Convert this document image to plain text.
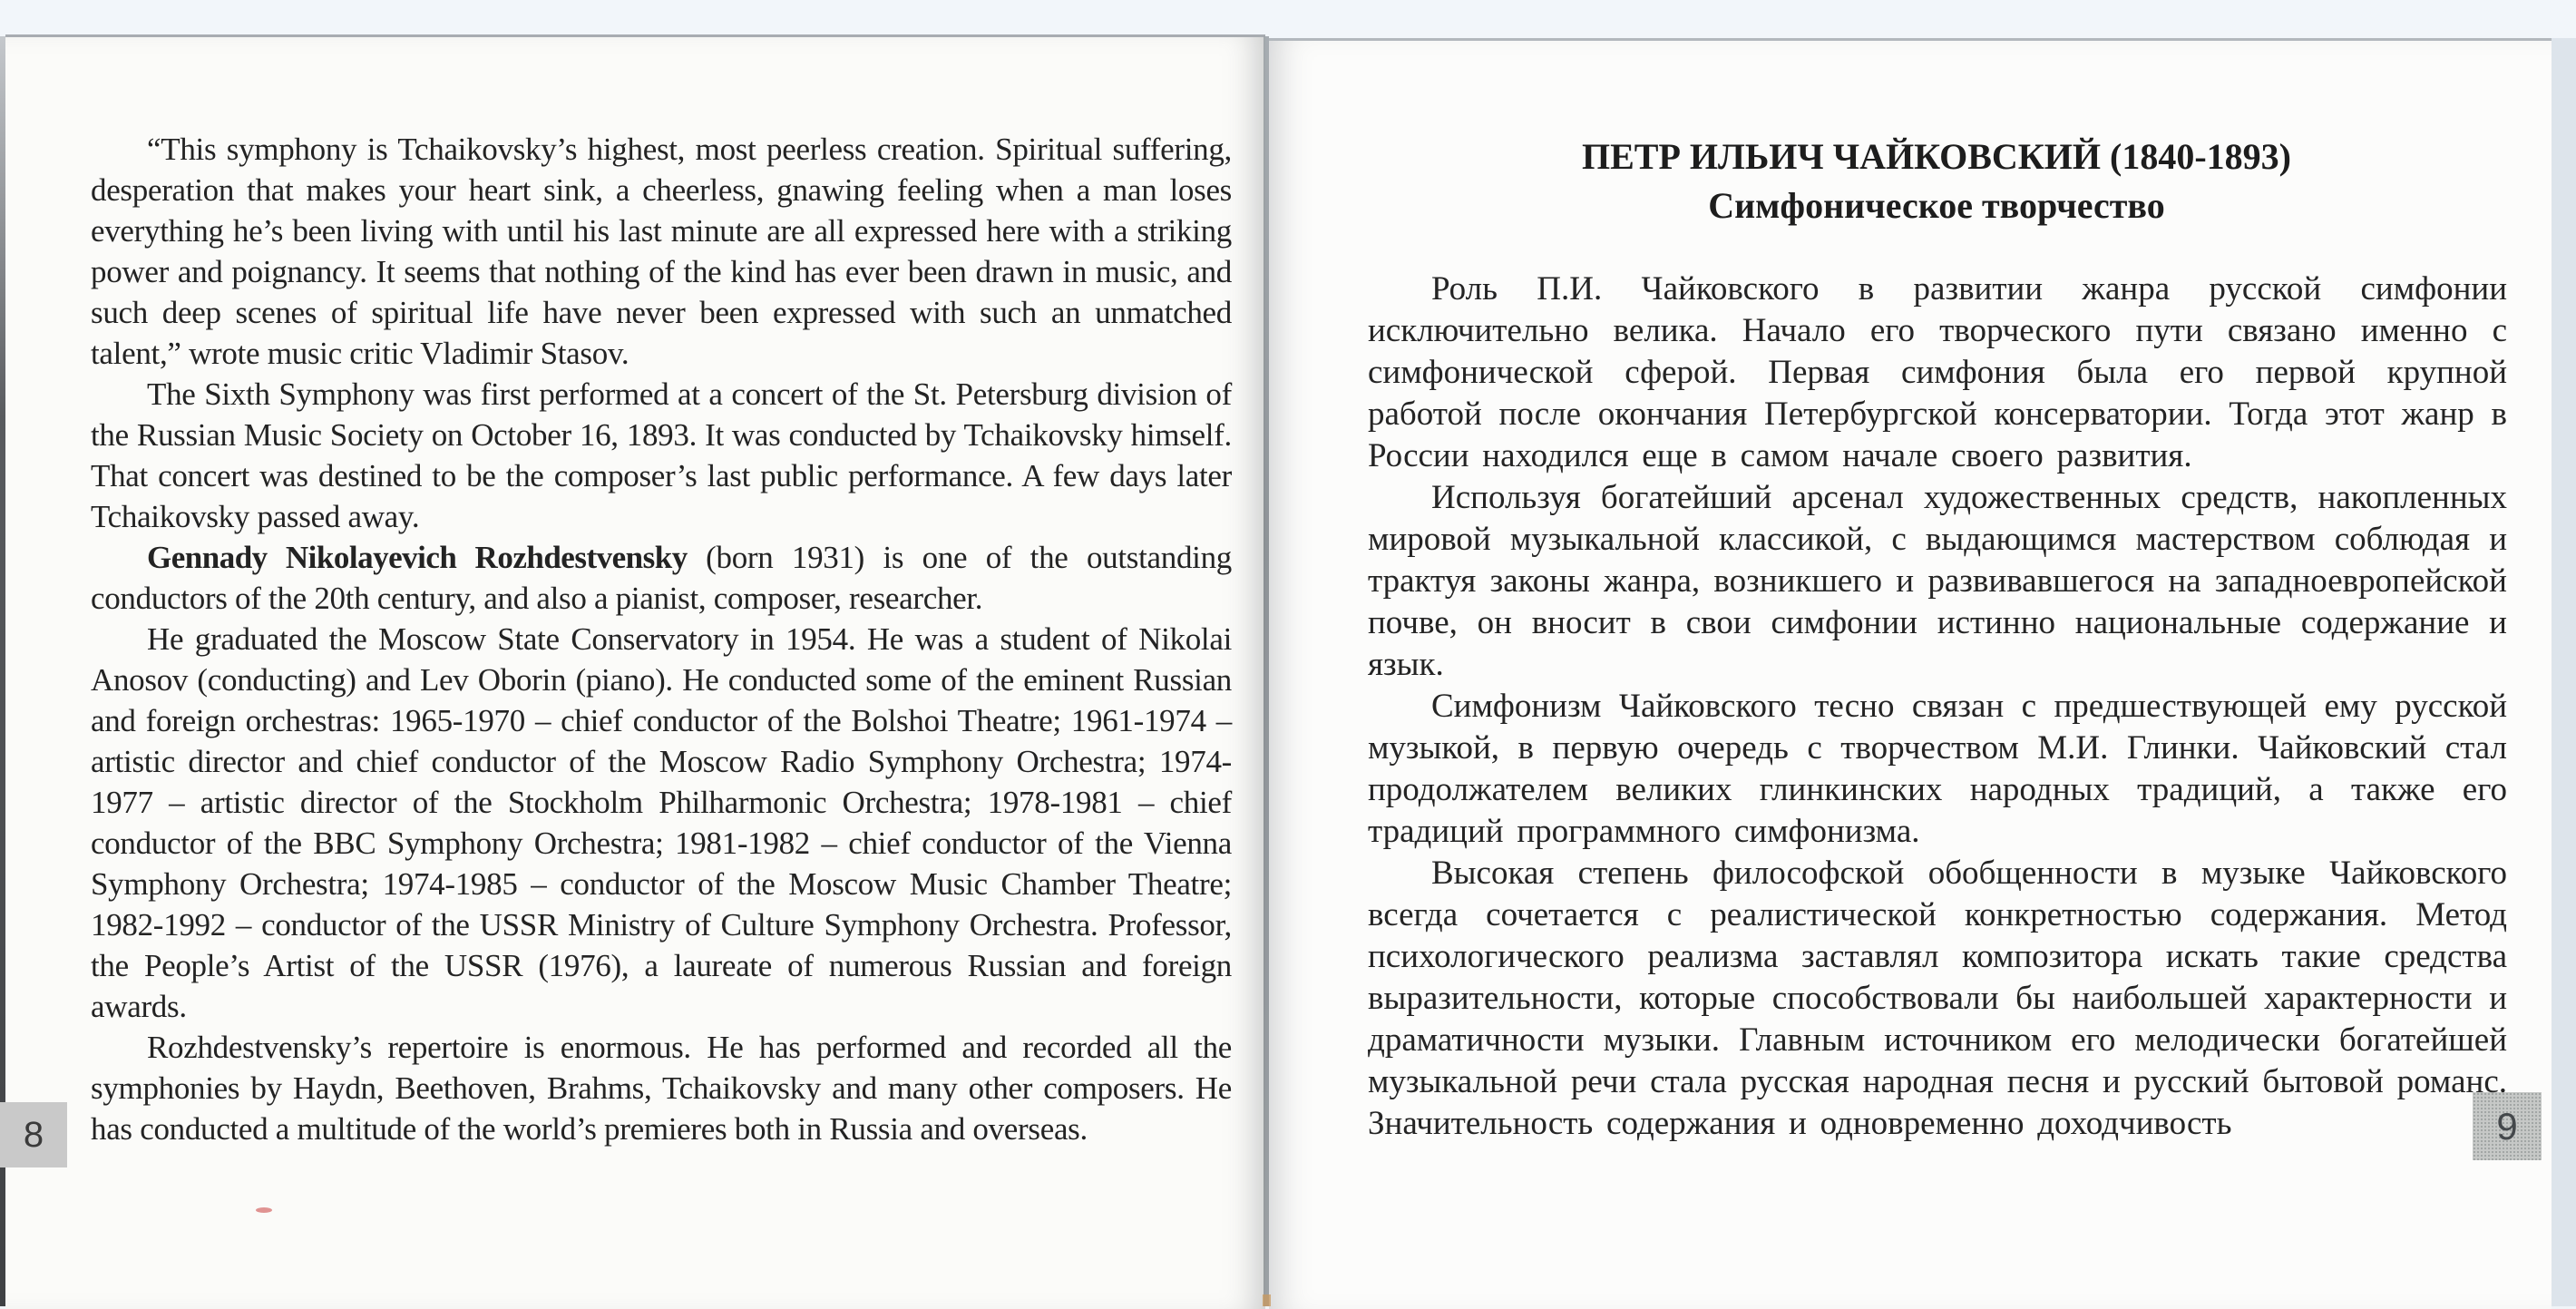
8	9

“This symphony is Tchaikovsky’s highest, most peerless creation. Spiritual suffering, desperation that makes your heart sink, a cheerless, gnawing feeling when a man loses everything he’s been living with until his last minute are all expressed here with a striking power and poignancy. It seems that nothing of the kind has ever been drawn in music, and such deep scenes of spiritual life have never been expressed with such an unmatched talent,” wrote music critic Vladimir Stasov.

The Sixth Symphony was first performed at a concert of the St. Petersburg division of the Russian Music Society on October 16, 1893. It was conducted by Tchaikovsky himself. That concert was destined to be the composer’s last public performance. A few days later Tchaikovsky passed away.

Gennady Nikolayevich Rozhdestvensky (born 1931) is one of the outstanding conductors of the 20th century, and also a pianist, composer, researcher.

He graduated the Moscow State Conservatory in 1954. He was a student of Nikolai Anosov (conducting) and Lev Oborin (piano). He conducted some of the eminent Russian and foreign orchestras: 1965-1970 – chief conductor of the Bolshoi Theatre; 1961-1974 – artistic director and chief conductor of the Moscow Radio Symphony Orchestra; 1974-1977 – artistic director of the Stockholm Philharmonic Orchestra; 1978-1981 – chief conductor of the BBC Symphony Orchestra; 1981-1982 – chief conductor of the Vienna Symphony Orchestra; 1974-1985 – conductor of the Moscow Music Chamber Theatre; 1982-1992 – conductor of the USSR Ministry of Culture Symphony Orchestra. Professor, the People’s Artist of the USSR (1976), a laureate of numerous Russian and foreign awards.

Rozhdestvensky’s repertoire is enormous. He has performed and recorded all the symphonies by Haydn, Beethoven, Brahms, Tchaikovsky and many other composers. He has conducted a multitude of the world’s premieres both in Russia and overseas.

ПЕТР ИЛЬИЧ ЧАЙКОВСКИЙ (1840-1893)
Симфоническое творчество

Роль П.И. Чайковского в развитии жанра русской симфонии исключительно велика. Начало его творческого пути связано именно с симфонической сферой. Первая симфония была его первой крупной работой после окончания Петербургской консерватории. Тогда этот жанр в России находился еще в самом начале своего развития.

Используя богатейший арсенал художественных средств, накопленных мировой музыкальной классикой, с выдающимся мастерством соблюдая и трактуя законы жанра, возникшего и развивавшегося на западноевропейской почве, он вносит в свои симфонии истинно национальные содержание и язык.

Симфонизм Чайковского тесно связан с предшествующей ему русской музыкой, в первую очередь с творчеством М.И. Глинки. Чайковский стал продолжателем великих глинкинских народных традиций, а также его традиций программного симфонизма.

Высокая степень философской обобщенности в музыке Чайковского всегда сочетается с реалистической конкретностью содержания. Метод психологического реализма заставлял композитора искать такие средства выразительности, которые способствовали бы наибольшей характерности и драматичности музыки. Главным источником его мелодически богатейшей музыкальной речи стала русская народная песня и русский бытовой романс. Значительность содержания и одновременно доходчивость
